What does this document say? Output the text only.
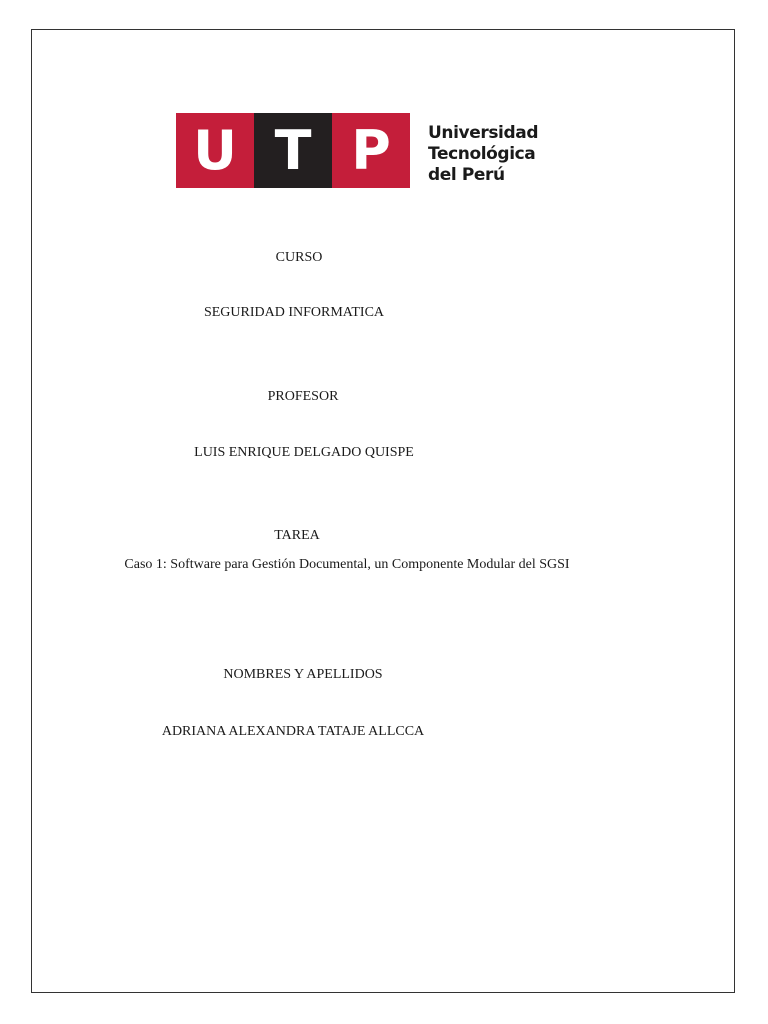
U T P Universidad
Tecnológica
del Perú
CURSO
SEGURIDAD INFORMATICA
PROFESOR
LUIS ENRIQUE DELGADO QUISPE
TAREA
Caso 1: Software para Gestión Documental, un Componente Modular del SGSI
NOMBRES Y APELLIDOS
ADRIANA ALEXANDRA TATAJE ALLCCA
